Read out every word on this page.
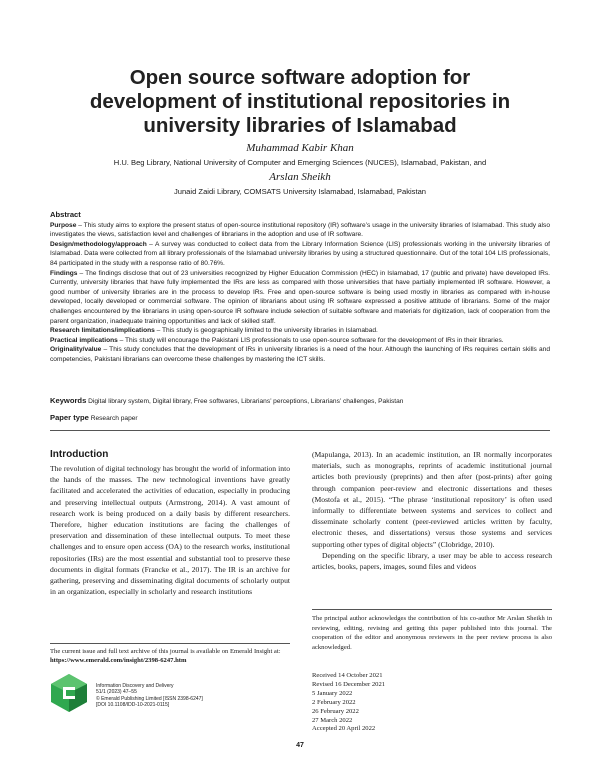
Open source software adoption for
development of institutional repositories in
university libraries of Islamabad
Muhammad Kabir Khan
H.U. Beg Library, National University of Computer and Emerging Sciences (NUCES), Islamabad, Pakistan, and
Arslan Sheikh
Junaid Zaidi Library, COMSATS University Islamabad, Islamabad, Pakistan
Abstract

Purpose – This study aims to explore the present status of open-source institutional repository (IR) software’s usage in the university libraries of Islamabad. This study also investigates the views, satisfaction level and challenges of librarians in the adoption and use of IR software.

Design/methodology/approach – A survey was conducted to collect data from the Library Information Science (LIS) professionals working in the university libraries of Islamabad. Data were collected from all library professionals of the Islamabad university libraries by using a structured questionnaire. Out of the total 104 LIS professionals, 84 participated in the study with a response ratio of 80.76%.

Findings – The findings disclose that out of 23 universities recognized by Higher Education Commission (HEC) in Islamabad, 17 (public and private) have developed IRs. Currently, university libraries that have fully implemented the IRs are less as compared with those universities that have partially implemented IR software. However, a good number of university libraries are in the process to develop IRs. Free and open-source software is being used mostly in libraries as compared with in-house developed, locally developed or commercial software. The opinion of librarians about using IR software expressed a positive attitude of librarians. Some of the major challenges encountered by the librarians in using open-source IR software include selection of suitable software and materials for digitization, lack of cooperation from the parent organization, inadequate training opportunities and lack of skilled staff.

Research limitations/implications – This study is geographically limited to the university libraries in Islamabad.

Practical implications – This study will encourage the Pakistani LIS professionals to use open-source software for the development of IRs in their libraries.

Originality/value – This study concludes that the development of IRs in university libraries is a need of the hour. Although the launching of IRs requires certain skills and competencies, Pakistani librarians can overcome these challenges by mastering the ICT skills.

Keywords Digital library system, Digital library, Free softwares, Librarians’ perceptions, Librarians’ challenges, Pakistan
Paper type Research paper
Introduction

The revolution of digital technology has brought the world of information into the hands of the masses. The new technological inventions have greatly facilitated and accelerated the activities of education, especially in producing and preserving intellectual outputs (Armstrong, 2014). A vast amount of research work is being produced on a daily basis by different researchers. Therefore, higher education institutions are facing the challenges of preservation and dissemination of these intellectual outputs. To meet these challenges and to ensure open access (OA) to the research works, institutional repositories (IRs) are the most essential and substantial tool to preserve these documents in digital formats (Francke et al., 2017). The IR is an archive for gathering, preserving and disseminating digital documents of scholarly output in an organization, especially in scholarly and research institutions

(Mapulanga, 2013). In an academic institution, an IR normally incorporates materials, such as monographs, reprints of academic institutional journal articles both previously (preprints) and then after (post-prints) after going through companion peer-review and electronic dissertations and theses (Mostofa et al., 2015). “The phrase ‘institutional repository’ is often used informally to differentiate between systems and services to collect and disseminate scholarly content (peer-reviewed articles written by faculty, electronic theses, and dissertations) versus those systems and services supporting other types of digital objects” (Clobridge, 2010).

Depending on the specific library, a user may be able to access research articles, books, papers, images, sound files and videos

The current issue and full text archive of this journal is available on Emerald Insight at: https://www.emerald.com/insight/2398-6247.htm
Information Discovery and Delivery
51/1 (2023) 47–55
© Emerald Publishing Limited [ISSN 2398-6247]
[DOI 10.1108/IDD-10-2021-0115]
The principal author acknowledges the contribution of his co-author Mr Arslan Sheikh in reviewing, editing, revising and getting this paper published into this journal. The cooperation of the editor and anonymous reviewers in the peer review process is also acknowledged.
Received 14 October 2021
Revised 16 December 2021
5 January 2022
2 February 2022
26 February 2022
27 March 2022
Accepted 20 April 2022
47
